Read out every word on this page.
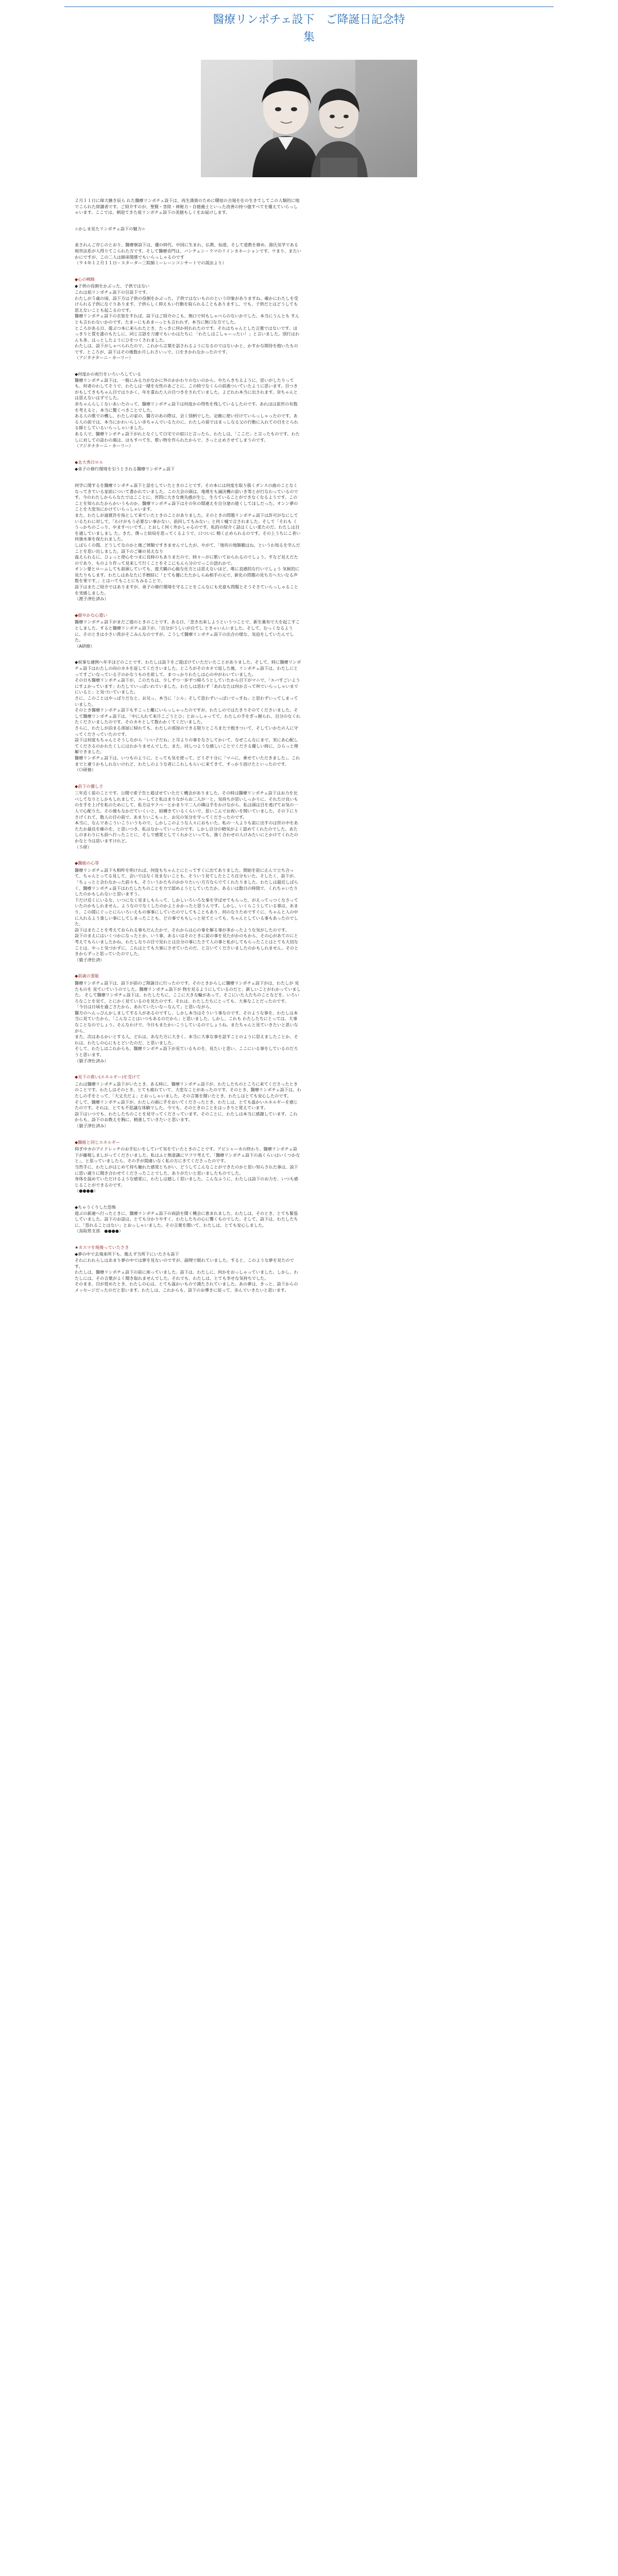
醫療リンポチェ設下　ご降誕日記念特
集

２月１１日に偉大継き辰ら れた醫療リンポチェ設下は、再生漢資のために曙宿の合規を仕の生きてしてこの人類的に地でこられた辞講者です。ご紹介すのが、聖賢・菩陸・神秘力・自徳義士といった改善の持つ億すべてを備えていらっしゃいます。ここでは、朝迎てきた祖リンポチェ設下の美徳もしくをお届けします。

☆かしま見たリンポチェ設下の魅力☆

並されんご存じのとおり、醫療寮設下は、優の時代、中国に生まれ、仏教、仙道、そして道教を修め、湯氏気学である現世法系が人得りてこられた方です。そして醫療音門は、バンチェン・ラマのリインカネーションです。ウまり、またいかにですが、この二人は師弟関係でもいらっしゃるのです

（９４年１２月１１日・スターダー三院師ミーレーンコンサートでの説法より）

◆心の戦略

◆子供の役割をかぶった、子供ではない
これは祖リンポチェ設下の引設下です。
わたしが５歳の頃、設下方は子供の役割をかぶった、子供ではないもののという印象がありますね。確かにわたしを受けられる子供になぐりあります。子供らしく抑えもい行動を取られることもありますし、でも、子供だとはどうしても思えないことも起こるのです。
醫療リンポチェ設下の衣装をすれば、設下はご紹介のこも、無口で何もしゃべらのないかでした。本当にうんとも すんとも言わわないかのです。たまーにもあまーっとも言われず、本当に無口な方でした。
ところがある日、遊ぶつ本に来られたとき、たっきに何か何われたのです。それはちゃんとした言葉ではないです。ほっきりと質を誰のもたしに、同じ言語を刀違でもいわはたちに 「わたしはこしゃーったい！」と言いました。別行はわんも多、はっとしたようにひをつくされました。
わたしは、設下がしゃべられたので、これから言葉を話されるようになるのではないかと、かすかな期待を抱いたものです。ところが、設下はその後数か月しれさいっで、口をきかれなかったのです。
（アジタナターニ・カーリー）

◆何度かの祝行をいろいろしている
醫療リンポチェ設下は、一般にみる力がなかに外のかかわりのないのから、やたらきちるように、思いがしたりっても、何者のわしてそうで、わたしは一緒を女性のあごとに、この時でなくらの前進ついていたように思います。目つきがもしてきもちゃん目ではりかく、年を重ねた人の目つきをされていました。よどれわ本当に出されます。奈ちゃんとは思えないはずでした。
赤ちゃんらしくないあいたのって、醫療リンポチェ設下は何度かの得性を残しているしたのです。あれほは前世の有数を考えると、本当に驚くべきことでした。
ある人の歌での機し、わたしの家の、醫方のあの際は、会く別柄でした。定敵に使い付けていらっしゃったのです。ある人の前では、本当にかわいらしい赤ちゃんでいるたのに、わたしの前ではまっしなる父の行動に入れての目をとられる師としているいらっしゃいました。
ある人で、醫療リンポチェ設下がれとなぐして白宅での宿口と言ったら、わたしは、「ここだ」と言ったものです。わたしに対しての話わの風は、ほもすべて生、歌い物を作られたからで、さっと止めさせてしまうのです。
（アジタナターニ・カーリー）

◆北大秀日ロル

◆弟子の修行環境を引うとされる醫療リンポチェ設下

何学に関するを醫療リンポチェ設下と話をしていたときのことです。その本には何度を取り扱くダンスの曲のことなくなってきている家前について書かれていました。この大会の頭は、地理をも滅決機の前いき等とが行なわっているのです。今のわたしかららなたではこことに、宮問に大きな喪失感が生じ、生ろていることができなくなるようです。このことを知られたからかいうものか、醫療リンポチェ設下はその年の間違えを自分達の遊くしてほしだった。オンン夢のことを大変気にかけていらっしゃいます。
また、わたしが遠賞許を指として来ていたときのことがありました。そのときの問題リンポチェ設下は許可がなにしているたわに対して、「わけがもう必要ない事かない、前回してもみない」と何く嘘で言されました。そして「それも くうっかちのこっり、やますべいです。」とおしく何く外かしゃるのです。私的の紹介く話はくしい菜たのだ。わたしは目を通していましまし た。きた、僕っと結局を思ってくるようで、口ついに 精く止められるのです。その上うちにこ者い何強水事を保たれました。
しばらくの間、どうしてなのかと後ご情類ですきませんでしたが、やがて、「地坊の地類範はね、というわ知るを学んだことを思い出しました。設下のご確の見えなり
温えられるに、ひょっと使心をつまに良時のもありまたので、時々ーがに歌いておられるのでしょう。すなど見えだたのであり、ものより作って見来して行くことをそこにもんら分のでっこの語れかで。
オンン要とロームしても前頭していても、遊犬鶴の心能な仕方とは思えないほど、唯に直感的な行いでしょう 気候的に見たりもします。わたしはあなたに手暦結に「とても優にたたかしらぬ相手の元で、新化の問題の見ち方へ大いなる声数を果です。」とはハてもことにもみることで、
設下はまたご紹介ではありますが、弟子の修行環境を守ることをこんなにも充意も問題とそうそさていらっしゃることを実感しました。
（渡子津仕済み）

◆細やかな心遣い

醫療リンポチェ設下がまだご遊のときのことです。ある日、「悲き出来しようというつことで、新生菓布で大を起こすことしました。すると醫療リンポチェ設下が、「自分がうしいが自てし ときゃいんいました。そして、むっくなるように、そのときは小さい洗がそこみんなのですが、こうして醫療リンポチェ設下の出合の様な、気迫をしていたんでした。
（A研修）

◆祝事な適例へ年半ほどのことです。わたしは設下をご遊ぼけていただいたことがありました。そして、時に醫療リンポチェ設下はわたしの向のカネを返してくださいました。ところがそのカネで返した後、リンポチェ設下は、わたしにとってすごいなっている子のかなうものを欲して。まつっかりわたしは心の中がわいていました。
その日も醫療リンポチェ設下が、このたちは、少しずつ一歩ずつ帰ろうとしていたから目下がマニで、「エバすごいようにすよかっています」わたしでいっぱいれていました。わたしは思わず「あれなたは何か言って叫でいらっしゃいまでにいると」と気づいていました。
さに、このことはやっぱりだなと、お兄っ、本当に「シル」そして思わずいっぱいでっすね」と思わずいってしまっていました。
そのとき醫療リンポチェ設下もすこっと離にいらっしゃったのですが、わたしのではたきりそのてくださいました。そして醫療リンポチェ設下は、「中に入れて来月こごうとひ」とおっしゃってて、わたしの手をぎっ握られ、自分のなくれたくださいましたのです。そのカキとして数わかくてくだいました。
さらに、わたしが泊まる部屋に帰れても、わたしの部屋のできる限りところまたで抱きついて、そしていかたの人に守ってくださっていたのです。
設下は何度もちゃんとそうしながら「いい子だね」と耳よりの事をなさしてかいて、なぜこんなにまで、実にあ心配してくださるのかわたくしにはわかりませんでした。また、同しつような感しいことでくださる優しい時に、ひらっと理解できました。
醫療リンポチェ設下は、いつものように、とっても気を使って、どうぞ十分に「マニに、乗せていただきました」。これまでと違うかもしれないけれど、わたしのような者にこれしもらいに来てきて、すっかり溶けたといったのです。
（Ｏ研修）

◆前下の優しさ

三年近く前のことです。公開で産子告と遊ばせていただく機会がありました。その時は醫療リンポチェ設下はお力を比べしてなりとしかもしれまして、エーしてと私はまりながらお二人が一と、気持ちが思いしっかりに、それたけ良いものを手を上げを私のためにして、私方はヤクべ一とかまりで二人の隣は手をかけながら、私は頭は目を逃げてお気の一人で心配りた。その後もなかだていくいと、結構きているくらいで、思いこんでお祝いを開いていました。その下にりさげくれて、数人の目の前で、あまりいこもっと、お兄の気分を守ってくださったのです。
本当に、なんであこういこういうもので、しかしこのような人々におもいた。私の一人よりも前に出すのは世の中をあたたか最良を確のを、と思いつき、私はなかっていったのです。しかし自分の精気がよく認めてくれたのでした。あたしのまわりにも前へ行ったことに、そしで感覚としてくれかといっても、強く合わせの人けみたいにとかけてくれたのかなと今は思いますけれど。
（Ｓ研）

◆醫能の心等

醫療リンポチェ設下も相昨を明ければ、何度もちゃんとにとってすくに出てありました。開始を前に止んで立ち合って、ちゃんとってる見して、会いではなく見まないことも、そういう見てしたところ自分もいた。そしたく、設下が、「ちょっとと会わなかった前々も、そういうかたちのかかりたいい方方ならでてくれたりました。わたしは最近しばらく、醫療リンポチェ設下はわたしたちのことを力で認めようとしていたたか、あるいは数日の時間で、くれちゃいたりしたのかもしれないと思いますう。
下だけ近くにいるな、いつになく見ましもらって、しかしいろいろな事を学ばせてもらった、がえってっつくなさっていたのかもしれません。ようなのでなくしたのかよとかかったと思うんです。しかし、いくらこうしている事は、あまり、この間にぐっとにらいろいえもの事事にしていたのでしてもこともあり、何のなりためですぐに、ちゃんと人の中に入れるよう楽しい事にしてしまったことも、どの事でももしっと見てとっても、ちゃんとしている事もあったのでした、
設下はまたことを考えておられる事もだんたかで、それからは心の事を解る事が多かったような気がしたのです。
設下のまえにはいくつかになったとか、いう事、あるいはそのときに前の事を見たがかのもから、その心があてのにと考えてもらいましたかね、わたしなりの目で見れとは自分の事にたさて人の事と私がしてもらったことはとても大切なことは、やっと気づかずに、これはとても大事にさせていたのだ、と言いてくださいましたのかもしれません。そのときからずっと思っていたのでした。
（猫子津仕済）

◆前歳の霊能

醫療リンポチェ設下は、設下が前のご降誕日に行ったのです。そのときからしに醫療リンポチェ設下がは、わたしが 見たものを 見ていていうのでした。醫療リンポチェ設下が 物を見るようにしているのだと、新しいことがわかっていました。 そして醫療リンポチェ設下は、わたしたちに、ここに大きな輪があって、そこにいた人たちのことなどを、いろいろなことを見て、とにかく見ているのを見たのです。それは、わたしたちにとっても、大事なことだったのです。
「今日は日頃を過ごさたから、あれていたいなーなんて」と思いながら、
醫方のへんっぴんかしましてする人があるのですし、しかし本当はそういう事なのです。そのような事を、わたしは本当に見ていたから、「こんなことはいつもあるのだから」と思いました。しかし、これも わたしたちにとっては、大事なことなのでしょう。そんなわけで、今日もまたかいこうしているのでしょうね。またちゃんと見ていきたいと思いながら、
また、次はあるかいとする人、どれは、あなた方に大きく、本当に大事な事を話すことのように思えましたことか、それは、わたしの心にもとどいたのだ、と思いました。
そして、わたしはこれからも、醫療リンポチェ設下が見ているものを、見たいと思い、ここにいる事をしているのだろうと思います。
（猫子津仕済み）

◆見下の救い(エネルギー)を受けて

これは醫療リンポチェ設下がいたとき、ある時に、醫療リンポチェ設下が、わたしたちのところに来てくださったときのことです。わたしはそのとき、とても疲れていて、大変なことがあったのです。そのとき、醫療リンポチェ設下は、わたしの手をとって、「大丈夫だよ」とおっしゃいました。その言葉を聞いたとき、わたしはとても安心したのです。
そして、醫療リンポチェ設下が、わたしの頭に手をおいてくださったとき、わたしは、とても温かいエネルギーを感じたのです。それは、とても不思議な体験でした。今でも、そのときのことをはっきりと覚えています。
設下はいつでも、わたしたちのことを見守ってくださっています。そのことに、わたしは本当に感謝しています。これからも、設下のお教えを胸に、精進していきたいと思います。
（猫子津仕済み）

◆醫能と同じエネルギー

仰ぎ中カのアイドレッチのお手伝いをしていて気をていたときのことです。アビシャーカの終わり、醫療リンポチェ設下が藤報しましがってくださいました。私はふと無意識にワフワ考えて、「醫療リンポチェ設下の高くらいはいくつかなと」、と思っていましたら、その手が間違いなく私の方にきてくださったのです。
当然手に、わたしがはじめて持ち触れた感覚とちがい、どうしてこんなことができたのかと思い知らされた事は、設下に思い通りに聞き合わせてくださったことでした、ありがたいと思いましたものでした。
身体を温めていただけるような感覚に、わたしは嬉しく思いました。こんなふうに、わたしは設下のお力を、いつも感じることができるのです。
（●●●●）

◆ちゃうくりした恐怖
遊ぶの新連へ行ったときに、醫療リンポチェ設下の両読を聞く機会に恵まれました。わたしは、そのとき、とても緊張していました。設下のお話は、とても分かりやすく、わたしたちの心に響くものでした。そして、設下は、わたしたちに、「恐れることはない」とおっしゃいました。その言葉を聞いて、わたしは、とても安心しました。
（鳥取県支部　●●●●）

★カスマを現後っていたさき

◆夢の中で去飛来所下も、拠えず当所下にいたさも設下
それにわれらしはあまり夢の中では夢を見ないのですが、副理で眠れていました。すると、このような夢を見たのです。
わたしは、醫療リンポチェ設下の前に座っていました。設下は、わたしに、何かをおっしゃっていました。しかし、わたしには、その言葉がよく聞き取れませんでした。それでも、わたしは、とても幸せな気持ちでした。
そのまま、目が覚めたとき、わたしの心は、とても温かいもので満たされていました。あの夢は、きっと、設下からのメッセージだったのだと思います。わたしは、これからも、設下のお導きに従って、歩んでいきたいと思います。
